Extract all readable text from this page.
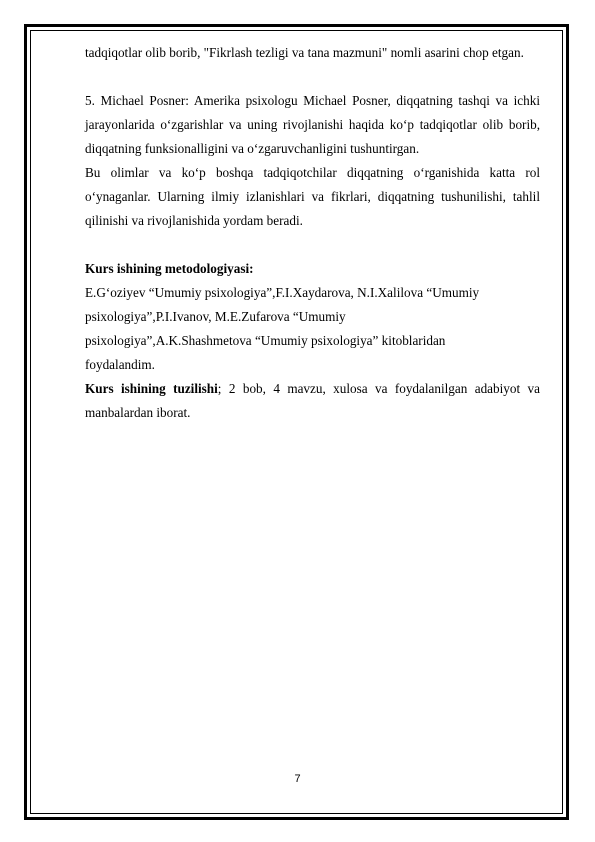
tadqiqotlar olib borib, "Fikrlash tezligi va tana mazmuni" nomli asarini chop etgan.

5. Michael Posner: Amerika psixologu Michael Posner, diqqatning tashqi va ichki jarayonlarida oʻzgarishlar va uning rivojlanishi haqida koʻp tadqiqotlar olib borib, diqqatning funksionalligini va oʻzgaruvchanligini tushuntirgan.

Bu olimlar va koʻp boshqa tadqiqotchilar diqqatning oʻrganishida katta rol oʻynaganlar. Ularning ilmiy izlanishlari va fikrlari, diqqatning tushunilishi, tahlil qilinishi va rivojlanishida yordam beradi.

Kurs ishining metodologiyasi:

E.G‘oziyev “Umumiy psixologiya”,F.I.Xaydarova, N.I.Xalilova “Umumiy

psixologiya”,P.I.Ivanov, M.E.Zufarova “Umumiy

psixologiya”,A.K.Shashmetova “Umumiy psixologiya” kitoblaridan

foydalandim.

Kurs ishining tuzilishi; 2 bob, 4 mavzu, xulosa va foydalanilgan adabiyot va manbalardan iborat.

7
